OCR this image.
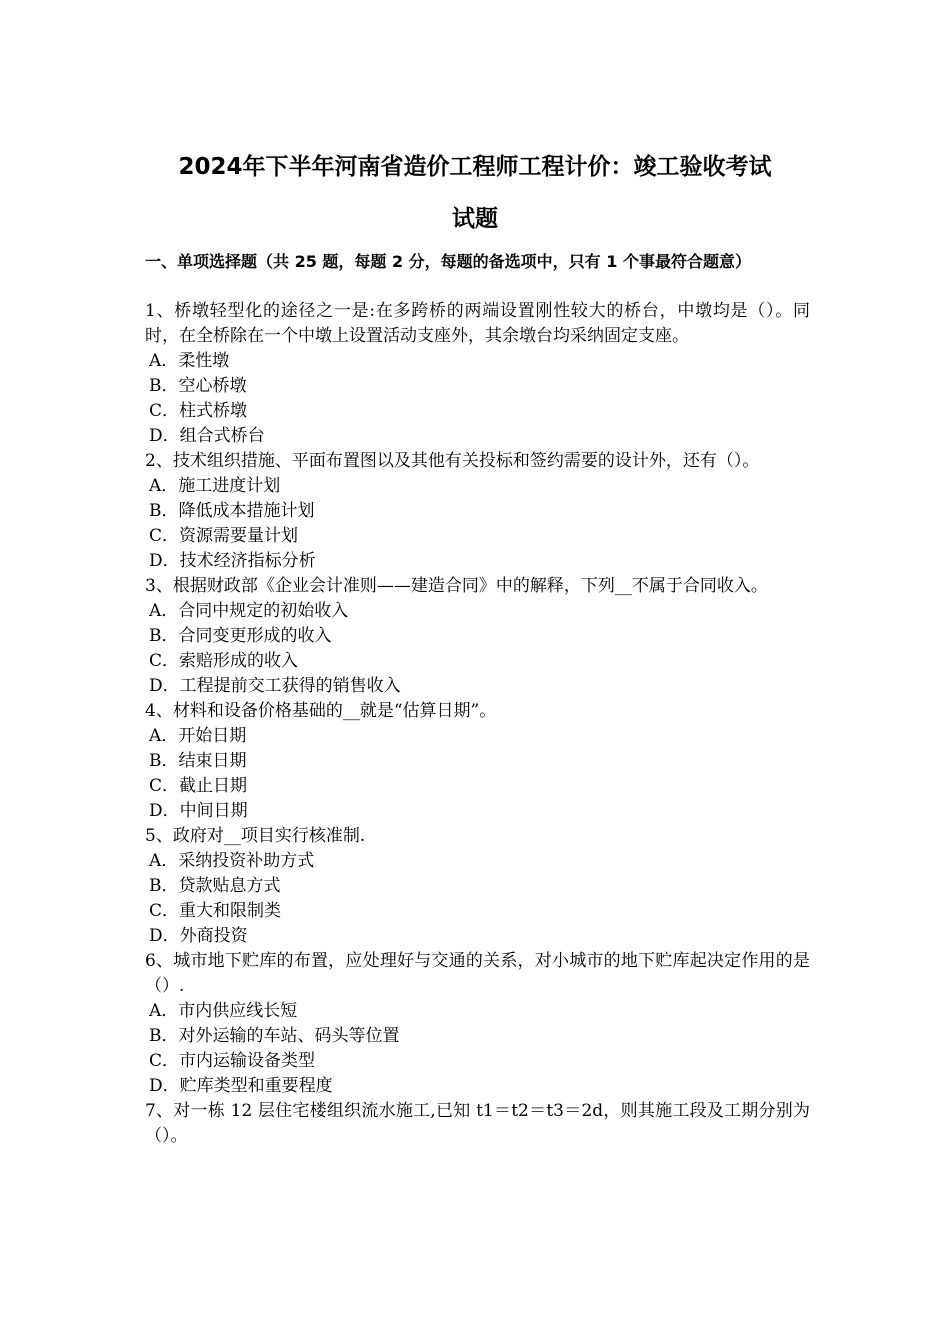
2024年下半年河南省造价工程师工程计价：竣工验收考试
试题
一、单项选择题（共 25 题，每题 2 分，每题的备选项中，只有 1 个事最符合题意）

1、桥墩轻型化的途径之一是:在多跨桥的两端设置刚性较大的桥台，中墩均是（）。同时，在全桥除在一个中墩上设置活动支座外，其余墩台均采纳固定支座。

A．柔性墩

B．空心桥墩

C．柱式桥墩

D．组合式桥台

2、技术组织措施、平面布置图以及其他有关投标和签约需要的设计外，还有（）。

A．施工进度计划

B．降低成本措施计划

C．资源需要量计划

D．技术经济指标分析

3、根据财政部《企业会计准则——建造合同》中的解释，下列__不属于合同收入。

A．合同中规定的初始收入

B．合同变更形成的收入

C．索赔形成的收入

D．工程提前交工获得的销售收入

4、材料和设备价格基础的__就是“估算日期”。

A．开始日期

B．结束日期

C．截止日期

D．中间日期

5、政府对__项目实行核准制.

A．采纳投资补助方式

B．贷款贴息方式

C．重大和限制类

D．外商投资

6、城市地下贮库的布置，应处理好与交通的关系，对小城市的地下贮库起决定作用的是（）.

A．市内供应线长短

B．对外运输的车站、码头等位置

C．市内运输设备类型

D．贮库类型和重要程度

7、对一栋 12 层住宅楼组织流水施工,已知 t1＝t2＝t3＝2d，则其施工段及工期分别为（）。
